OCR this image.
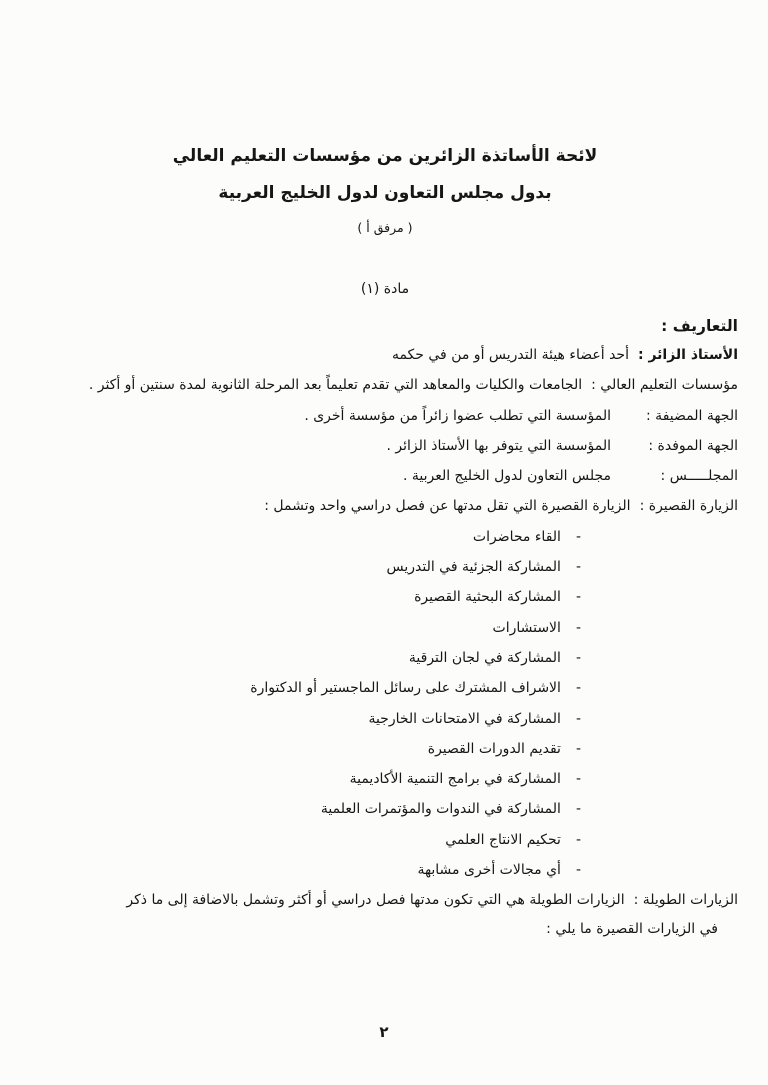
لائحة الأساتذة الزائرين من مؤسسات التعليم العالي
بدول مجلس التعاون لدول الخليج العربية
( مرفق أ )
مادة (١)
التعاريف :
الأستاذ الزائر :
أحد أعضاء هيئة التدريس أو من في حكمه
مؤسسات التعليم العالي :
الجامعات والكليات والمعاهد التي تقدم تعليماً بعد المرحلة الثانوية لمدة سنتين أو أكثر .
الجهة المضيفة :
المؤسسة التي تطلب عضوا زائراً من مؤسسة أخرى .
الجهة الموفدة :
المؤسسة التي يتوفر بها الأستاذ الزائر .
المجلـــــس :
مجلس التعاون لدول الخليج العربية .
الزيارة القصيرة :
الزيارة القصيرة التي تقل مدتها عن فصل دراسي واحد وتشمل :
-
القاء محاضرات
-
المشاركة الجزئية في التدريس
-
المشاركة البحثية القصيرة
-
الاستشارات
-
المشاركة في لجان الترقية
-
الاشراف المشترك على رسائل الماجستير أو الدكتوارة
-
المشاركة في الامتحانات الخارجية
-
تقديم الدورات القصيرة
-
المشاركة في برامج التنمية الأكاديمية
-
المشاركة في الندوات والمؤتمرات العلمية
-
تحكيم الانتاج العلمي
-
أي مجالات أخرى مشابهة
الزيارات الطويلة :
الزيارات الطويلة هي التي تكون مدتها فصل دراسي أو أكثر وتشمل بالاضافة إلى ما ذكر
في الزيارات القصيرة ما يلي :
٢
